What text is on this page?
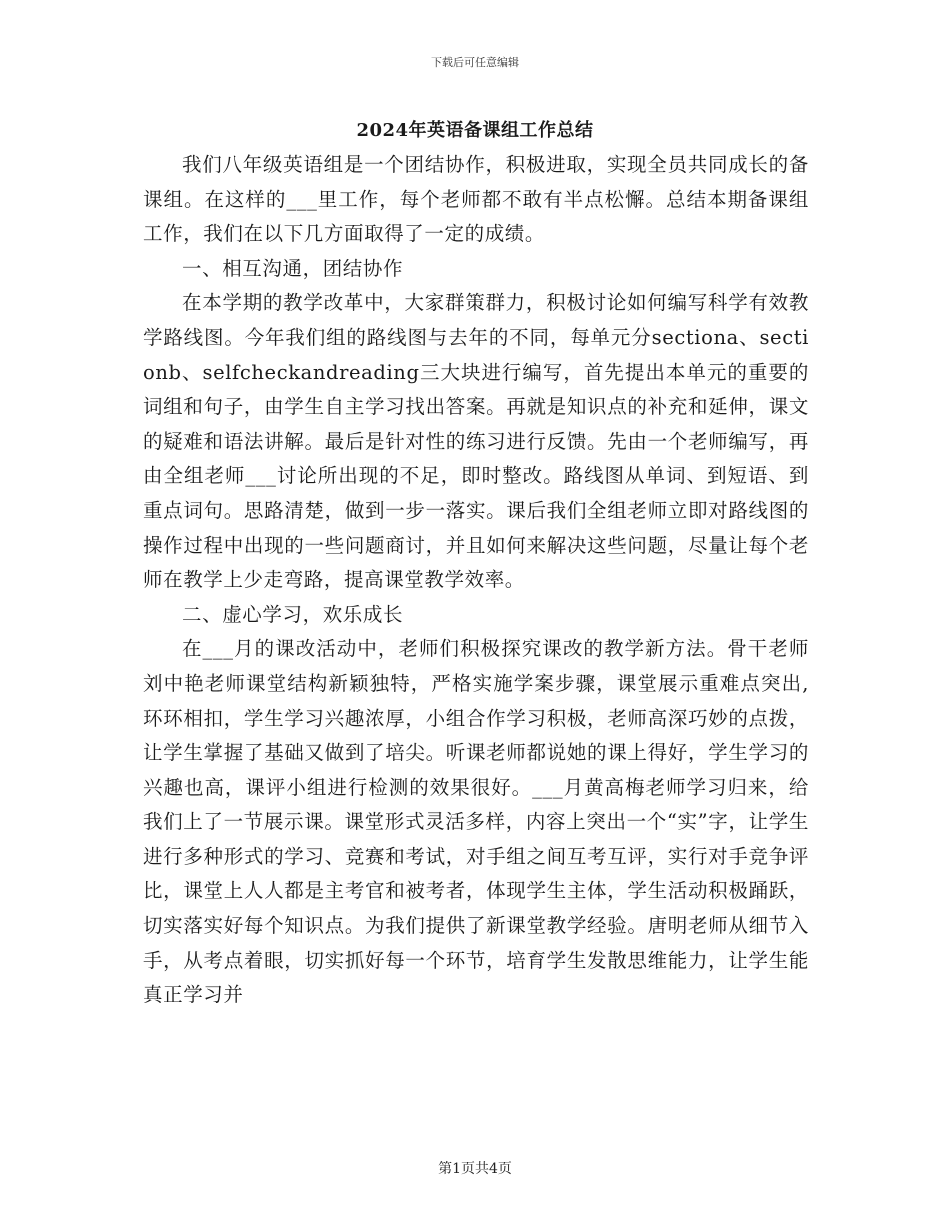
下载后可任意编辑
2024年英语备课组工作总结

我们八年级英语组是一个团结协作，积极进取，实现全员共同成长的备课组。在这样的___里工作，每个老师都不敢有半点松懈。总结本期备课组工作，我们在以下几方面取得了一定的成绩。

一、相互沟通，团结协作

在本学期的教学改革中，大家群策群力，积极讨论如何编写科学有效教学路线图。今年我们组的路线图与去年的不同，每单元分sectiona、sectionb、selfcheckandreading三大块进行编写，首先提出本单元的重要的词组和句子，由学生自主学习找出答案。再就是知识点的补充和延伸，课文的疑难和语法讲解。最后是针对性的练习进行反馈。先由一个老师编写，再由全组老师___讨论所出现的不足，即时整改。路线图从单词、到短语、到重点词句。思路清楚，做到一步一落实。课后我们全组老师立即对路线图的操作过程中出现的一些问题商讨，并且如何来解决这些问题，尽量让每个老师在教学上少走弯路，提高课堂教学效率。

二、虚心学习，欢乐成长

在___月的课改活动中，老师们积极探究课改的教学新方法。骨干老师刘中艳老师课堂结构新颖独特，严格实施学案步骤，课堂展示重难点突出,环环相扣，学生学习兴趣浓厚，小组合作学习积极，老师高深巧妙的点拨，让学生掌握了基础又做到了培尖。听课老师都说她的课上得好，学生学习的兴趣也高，课评小组进行检测的效果很好。___月黄高梅老师学习归来，给我们上了一节展示课。课堂形式灵活多样，内容上突出一个“实”字，让学生进行多种形式的学习、竞赛和考试，对手组之间互考互评，实行对手竞争评比，课堂上人人都是主考官和被考者，体现学生主体，学生活动积极踊跃，切实落实好每个知识点。为我们提供了新课堂教学经验。唐明老师从细节入手，从考点着眼，切实抓好每一个环节，培育学生发散思维能力，让学生能真正学习并

第1页共4页
